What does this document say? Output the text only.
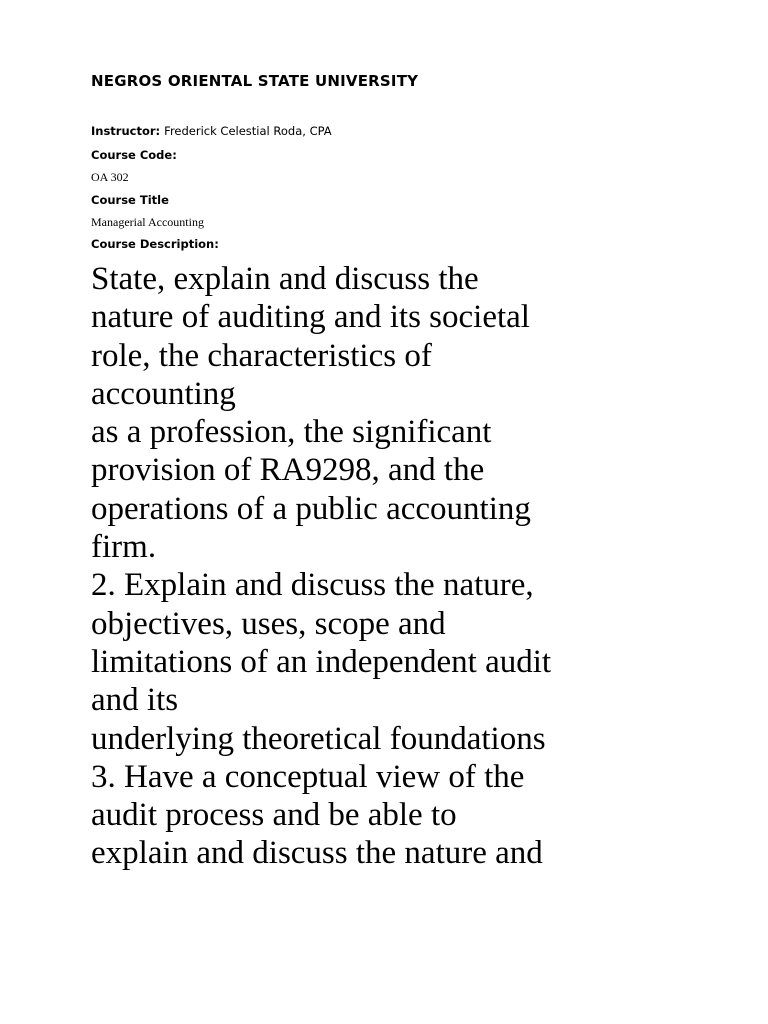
NEGROS ORIENTAL STATE UNIVERSITY
Instructor: Frederick Celestial Roda, CPA
Course Code:
OA 302
Course Title
Managerial Accounting
Course Description:
State, explain and discuss the
nature of auditing and its societal
role, the characteristics of
accounting
as a profession, the significant
provision of RA9298, and the
operations of a public accounting
firm.
2. Explain and discuss the nature,
objectives, uses, scope and
limitations of an independent audit
and its
underlying theoretical foundations
3. Have a conceptual view of the
audit process and be able to
explain and discuss the nature and
